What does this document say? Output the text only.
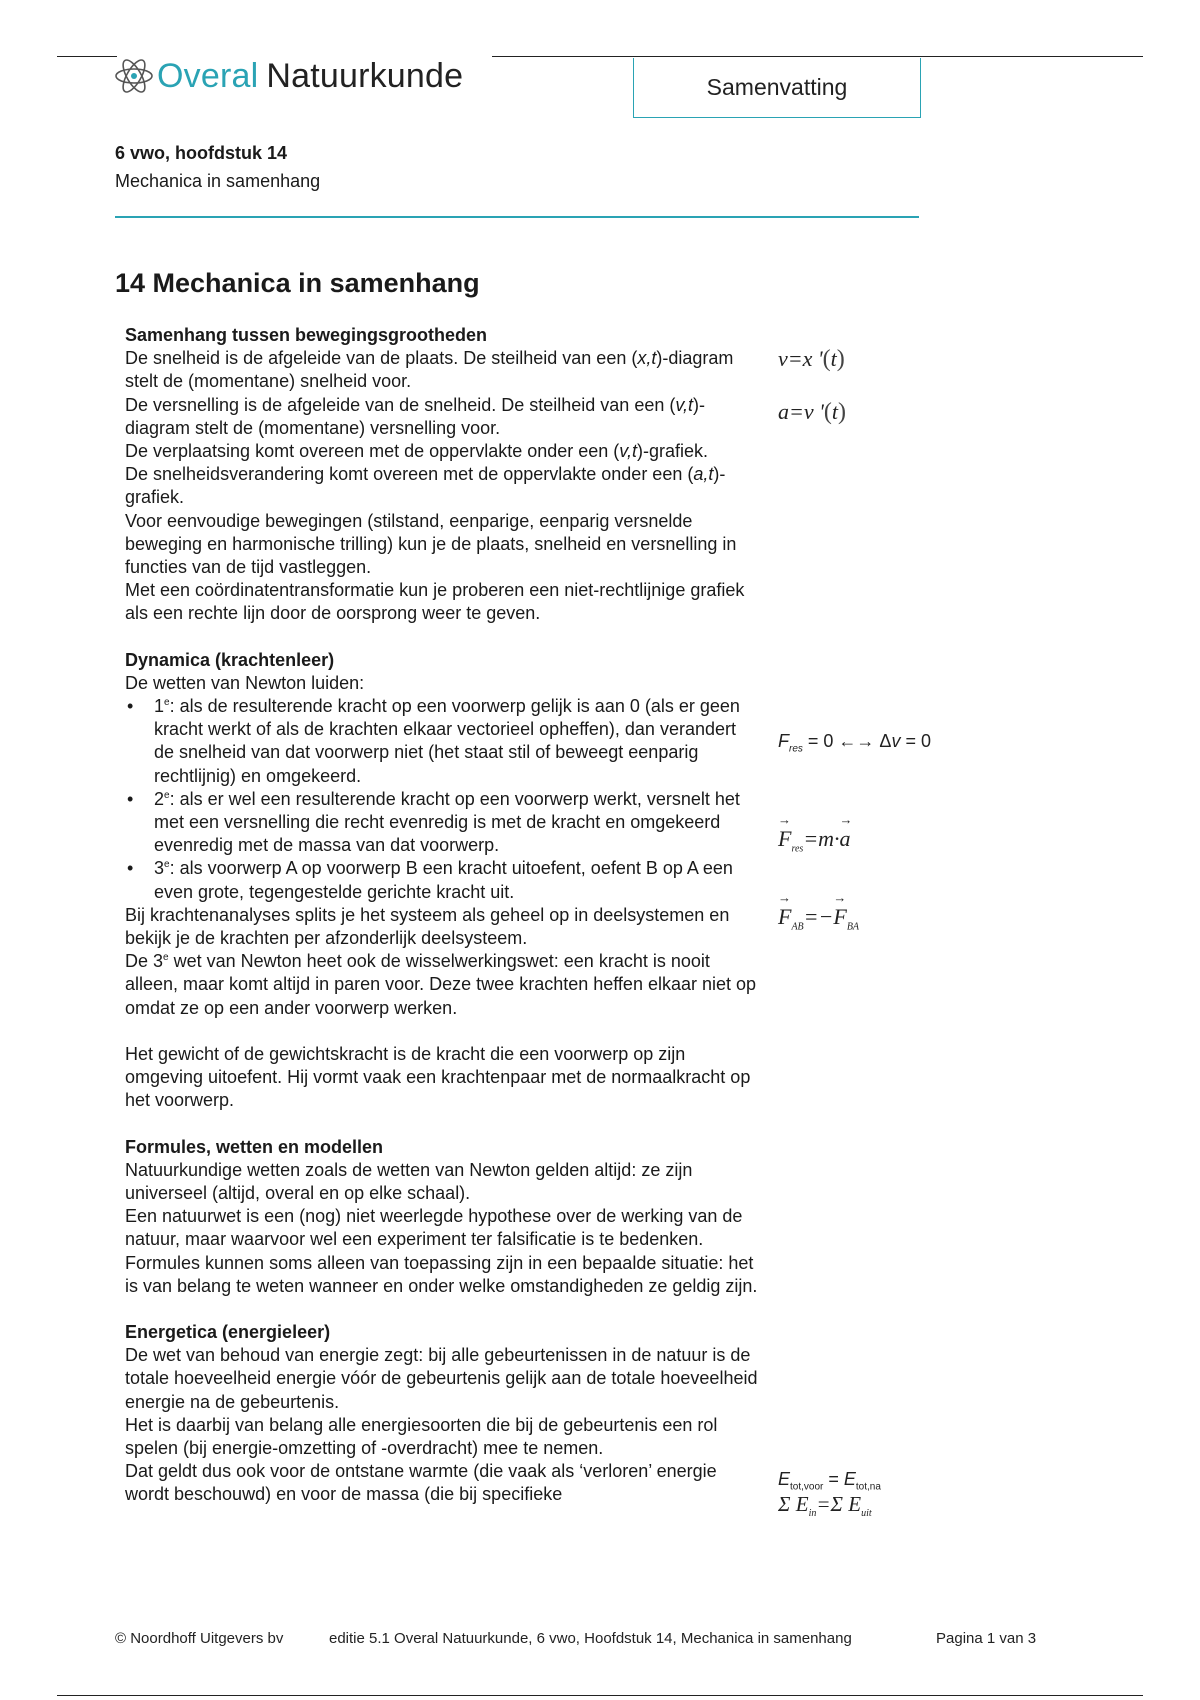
Overal Natuurkunde	Samenvatting
6 vwo, hoofdstuk 14
Mechanica in samenhang
14 Mechanica in samenhang
Samenhang tussen bewegingsgrootheden

De snelheid is de afgeleide van de plaats. De steilheid van een (x,t)-diagram stelt de (momentane) snelheid voor.

De versnelling is de afgeleide van de snelheid. De steilheid van een (v,t)-diagram stelt de (momentane) versnelling voor.

De verplaatsing komt overeen met de oppervlakte onder een (v,t)-grafiek.

De snelheidsverandering komt overeen met de oppervlakte onder een (a,t)-grafiek.

Voor eenvoudige bewegingen (stilstand, eenparige, eenparig versnelde beweging en harmonische trilling) kun je de plaats, snelheid en versnelling in functies van de tijd vastleggen.

Met een coördinatentransformatie kun je proberen een niet-rechtlijnige grafiek als een rechte lijn door de oorsprong weer te geven.

Dynamica (krachtenleer)

De wetten van Newton luiden:

• 1e: als de resulterende kracht op een voorwerp gelijk is aan 0 (als er geen kracht werkt of als de krachten elkaar vectorieel opheffen), dan verandert de snelheid van dat voorwerp niet (het staat stil of beweegt eenparig rechtlijnig) en omgekeerd.
• 2e: als er wel een resulterende kracht op een voorwerp werkt, versnelt het met een versnelling die recht evenredig is met de kracht en omgekeerd evenredig met de massa van dat voorwerp.
• 3e: als voorwerp A op voorwerp B een kracht uitoefent, oefent B op A een even grote, tegengestelde gerichte kracht uit.

Bij krachtenanalyses splits je het systeem als geheel op in deelsystemen en bekijk je de krachten per afzonderlijk deelsysteem.

De 3e wet van Newton heet ook de wisselwerkingswet: een kracht is nooit alleen, maar komt altijd in paren voor. Deze twee krachten heffen elkaar niet op omdat ze op een ander voorwerp werken.

Het gewicht of de gewichtskracht is de kracht die een voorwerp op zijn omgeving uitoefent. Hij vormt vaak een krachtenpaar met de normaalkracht op het voorwerp.

Formules, wetten en modellen

Natuurkundige wetten zoals de wetten van Newton gelden altijd: ze zijn universeel (altijd, overal en op elke schaal).

Een natuurwet is een (nog) niet weerlegde hypothese over de werking van de natuur, maar waarvoor wel een experiment ter falsificatie is te bedenken.

Formules kunnen soms alleen van toepassing zijn in een bepaalde situatie: het is van belang te weten wanneer en onder welke omstandigheden ze geldig zijn.

Energetica (energieleer)

De wet van behoud van energie zegt: bij alle gebeurtenissen in de natuur is de totale hoeveelheid energie vóór de gebeurtenis gelijk aan de totale hoeveelheid energie na de gebeurtenis.

Het is daarbij van belang alle energiesoorten die bij de gebeurtenis een rol spelen (bij energie-omzetting of -overdracht) mee te nemen.

Dat geldt dus ook voor de ontstane warmte (die vaak als ‘verloren’ energie wordt beschouwd) en voor de massa (die bij specifieke

v=x '(t)
a=v '(t)
$F_{res} = 0$ ←→ Δv = 0
→ $F_{res}=m\cdot\to a$
→ $F_{AB}=-\to F_{BA}$
$E_{tot,voor} = E_{tot,na}$
Σ $E_{in}=\Sigma$ $E_{uit}$
© Noordhoff Uitgevers bv	editie 5.1 Overal Natuurkunde, 6 vwo, Hoofdstuk 14, Mechanica in samenhang	Pagina 1 van 3
